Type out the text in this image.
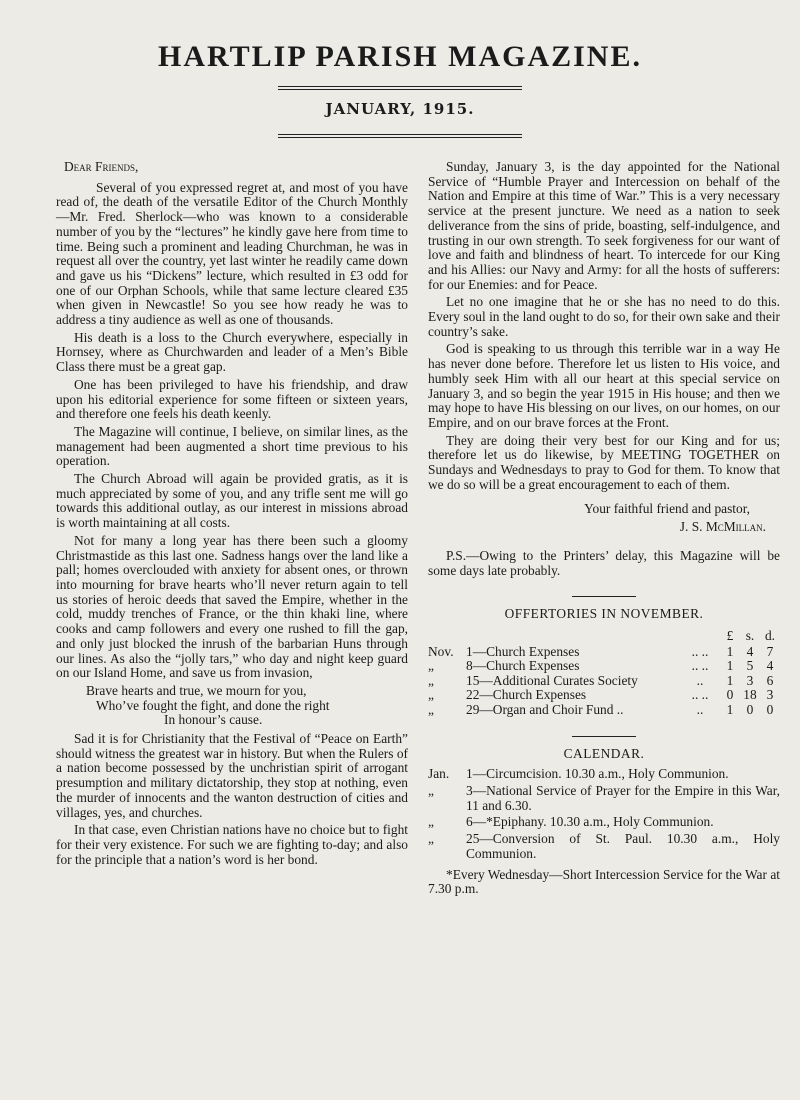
HARTLIP PARISH MAGAZINE.
JANUARY, 1915.
Dear Friends,

Several of you expressed regret at, and most of you have read of, the death of the versatile Editor of the Church Monthly—Mr. Fred. Sherlock—who was known to a considerable number of you by the “lectures” he kindly gave here from time to time. Being such a prominent and leading Churchman, he was in request all over the country, yet last winter he readily came down and gave us his “Dickens” lecture, which resulted in £3 odd for one of our Orphan Schools, while that same lecture cleared £35 when given in Newcastle! So you see how ready he was to address a tiny audience as well as one of thousands.

His death is a loss to the Church everywhere, especially in Hornsey, where as Churchwarden and leader of a Men’s Bible Class there must be a great gap.

One has been privileged to have his friendship, and draw upon his editorial experience for some fifteen or sixteen years, and therefore one feels his death keenly.

The Magazine will continue, I believe, on similar lines, as the management had been augmented a short time previous to his operation.

The Church Abroad will again be provided gratis, as it is much appreciated by some of you, and any trifle sent me will go towards this additional outlay, as our interest in missions abroad is worth maintaining at all costs.

Not for many a long year has there been such a gloomy Christmastide as this last one. Sadness hangs over the land like a pall; homes overclouded with anxiety for absent ones, or thrown into mourning for brave hearts who’ll never return again to tell us stories of heroic deeds that saved the Empire, whether in the cold, muddy trenches of France, or the thin khaki line, where cooks and camp followers and every one rushed to fill the gap, and only just blocked the inrush of the barbarian Huns through our lines. As also the “jolly tars,” who day and night keep guard on our Island Home, and save us from invasion,

Brave hearts and true, we mourn for you,
Who’ve fought the fight, and done the right
In honour’s cause.

Sad it is for Christianity that the Festival of “Peace on Earth” should witness the greatest war in history. But when the Rulers of a nation become possessed by the unchristian spirit of arrogant presumption and military dictatorship, they stop at nothing, even the murder of innocents and the wanton destruction of cities and villages, yes, and churches.

In that case, even Christian nations have no choice but to fight for their very existence. For such we are fighting to-day; and also for the principle that a nation’s word is her bond.

Sunday, January 3, is the day appointed for the National Service of “Humble Prayer and Intercession on behalf of the Nation and Empire at this time of War.” This is a very necessary service at the present juncture. We need as a nation to seek deliverance from the sins of pride, boasting, self-indulgence, and trusting in our own strength. To seek forgiveness for our want of love and faith and blindness of heart. To intercede for our King and his Allies: our Navy and Army: for all the hosts of sufferers: for our Enemies: and for Peace.

Let no one imagine that he or she has no need to do this. Every soul in the land ought to do so, for their own sake and their country’s sake.

God is speaking to us through this terrible war in a way He has never done before. Therefore let us listen to His voice, and humbly seek Him with all our heart at this special service on January 3, and so begin the year 1915 in His house; and then we may hope to have His blessing on our lives, on our homes, on our Empire, and on our brave forces at the Front.

They are doing their very best for our King and for us; therefore let us do likewise, by MEETING TOGETHER on Sundays and Wednesdays to pray to God for them. To know that we do so will be a great encouragement to each of them.

Your faithful friend and pastor,
J. S. McMillan.

P.S.—Owing to the Printers’ delay, this Magazine will be some days late probably.

OFFERTORIES IN NOVEMBER.
			£	s.	d.
Nov.	1—Church Expenses	.. ..	1	4	7
„	8—Church Expenses	.. ..	1	5	4
„	15—Additional Curates Society	..	1	3	6
„	22—Church Expenses	.. ..	0	18	3
„	29—Organ and Choir Fund ..	..	1	0	0
CALENDAR.
Jan.	1—Circumcision. 10.30 a.m., Holy Communion.
„	3—National Service of Prayer for the Empire in this War, 11 and 6.30.
„	6—*Epiphany. 10.30 a.m., Holy Communion.
„	25—Conversion of St. Paul. 10.30 a.m., Holy Communion.
*Every Wednesday—Short Intercession Service for the War at 7.30 p.m.
